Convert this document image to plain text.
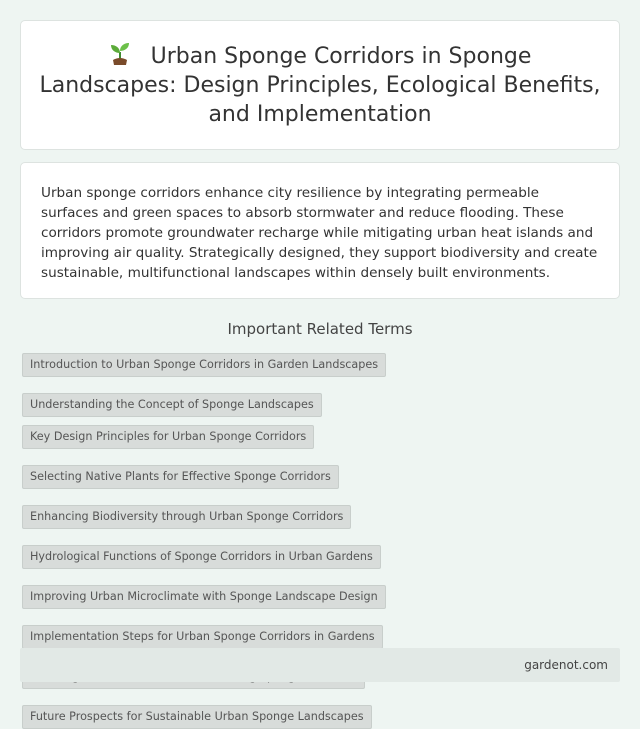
Urban Sponge Corridors in Sponge Landscapes: Design Principles, Ecological Benefits, and Implementation

Urban sponge corridors enhance city resilience by integrating permeable surfaces and green spaces to absorb stormwater and reduce flooding. These corridors promote groundwater recharge while mitigating urban heat islands and improving air quality. Strategically designed, they support biodiversity and create sustainable, multifunctional landscapes within densely built environments.

Important Related Terms
Introduction to Urban Sponge Corridors in Garden Landscapes
Understanding the Concept of Sponge Landscapes
Key Design Principles for Urban Sponge Corridors
Selecting Native Plants for Effective Sponge Corridors
Enhancing Biodiversity through Urban Sponge Corridors
Hydrological Functions of Sponge Corridors in Urban Gardens
Improving Urban Microclimate with Sponge Landscape Design
Implementation Steps for Urban Sponge Corridors in Gardens
Future Prospects for Sustainable Urban Sponge Landscapes
gardenot.com
